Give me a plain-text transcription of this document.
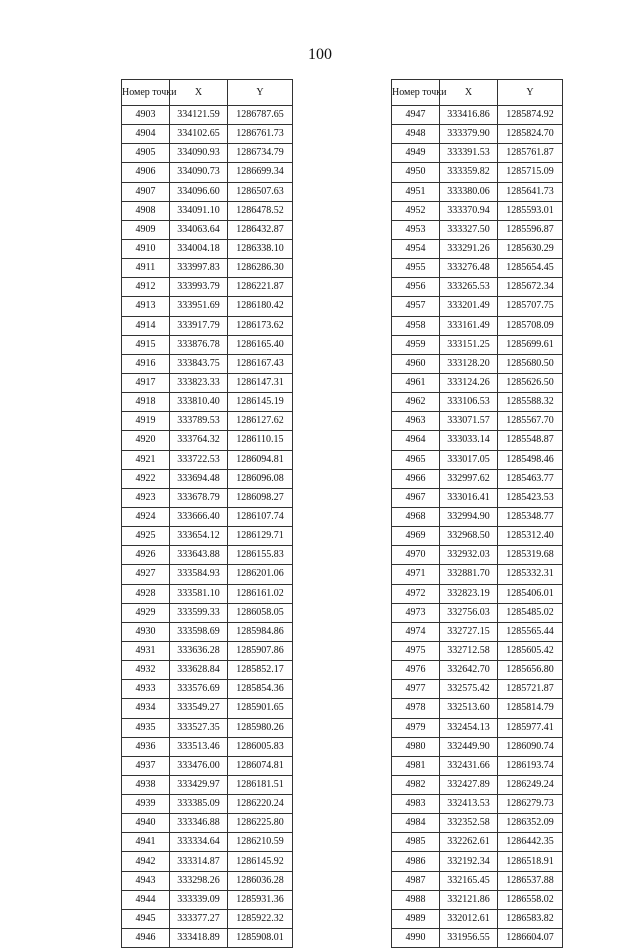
100
Номер точки	X	Y
4903	334121.59	1286787.65
4904	334102.65	1286761.73
4905	334090.93	1286734.79
4906	334090.73	1286699.34
4907	334096.60	1286507.63
4908	334091.10	1286478.52
4909	334063.64	1286432.87
4910	334004.18	1286338.10
4911	333997.83	1286286.30
4912	333993.79	1286221.87
4913	333951.69	1286180.42
4914	333917.79	1286173.62
4915	333876.78	1286165.40
4916	333843.75	1286167.43
4917	333823.33	1286147.31
4918	333810.40	1286145.19
4919	333789.53	1286127.62
4920	333764.32	1286110.15
4921	333722.53	1286094.81
4922	333694.48	1286096.08
4923	333678.79	1286098.27
4924	333666.40	1286107.74
4925	333654.12	1286129.71
4926	333643.88	1286155.83
4927	333584.93	1286201.06
4928	333581.10	1286161.02
4929	333599.33	1286058.05
4930	333598.69	1285984.86
4931	333636.28	1285907.86
4932	333628.84	1285852.17
4933	333576.69	1285854.36
4934	333549.27	1285901.65
4935	333527.35	1285980.26
4936	333513.46	1286005.83
4937	333476.00	1286074.81
4938	333429.97	1286181.51
4939	333385.09	1286220.24
4940	333346.88	1286225.80
4941	333334.64	1286210.59
4942	333314.87	1286145.92
4943	333298.26	1286036.28
4944	333339.09	1285931.36
4945	333377.27	1285922.32
4946	333418.89	1285908.01
Номер точки	X	Y
4947	333416.86	1285874.92
4948	333379.90	1285824.70
4949	333391.53	1285761.87
4950	333359.82	1285715.09
4951	333380.06	1285641.73
4952	333370.94	1285593.01
4953	333327.50	1285596.87
4954	333291.26	1285630.29
4955	333276.48	1285654.45
4956	333265.53	1285672.34
4957	333201.49	1285707.75
4958	333161.49	1285708.09
4959	333151.25	1285699.61
4960	333128.20	1285680.50
4961	333124.26	1285626.50
4962	333106.53	1285588.32
4963	333071.57	1285567.70
4964	333033.14	1285548.87
4965	333017.05	1285498.46
4966	332997.62	1285463.77
4967	333016.41	1285423.53
4968	332994.90	1285348.77
4969	332968.50	1285312.40
4970	332932.03	1285319.68
4971	332881.70	1285332.31
4972	332823.19	1285406.01
4973	332756.03	1285485.02
4974	332727.15	1285565.44
4975	332712.58	1285605.42
4976	332642.70	1285656.80
4977	332575.42	1285721.87
4978	332513.60	1285814.79
4979	332454.13	1285977.41
4980	332449.90	1286090.74
4981	332431.66	1286193.74
4982	332427.89	1286249.24
4983	332413.53	1286279.73
4984	332352.58	1286352.09
4985	332262.61	1286442.35
4986	332192.34	1286518.91
4987	332165.45	1286537.88
4988	332121.86	1286558.02
4989	332012.61	1286583.82
4990	331956.55	1286604.07
